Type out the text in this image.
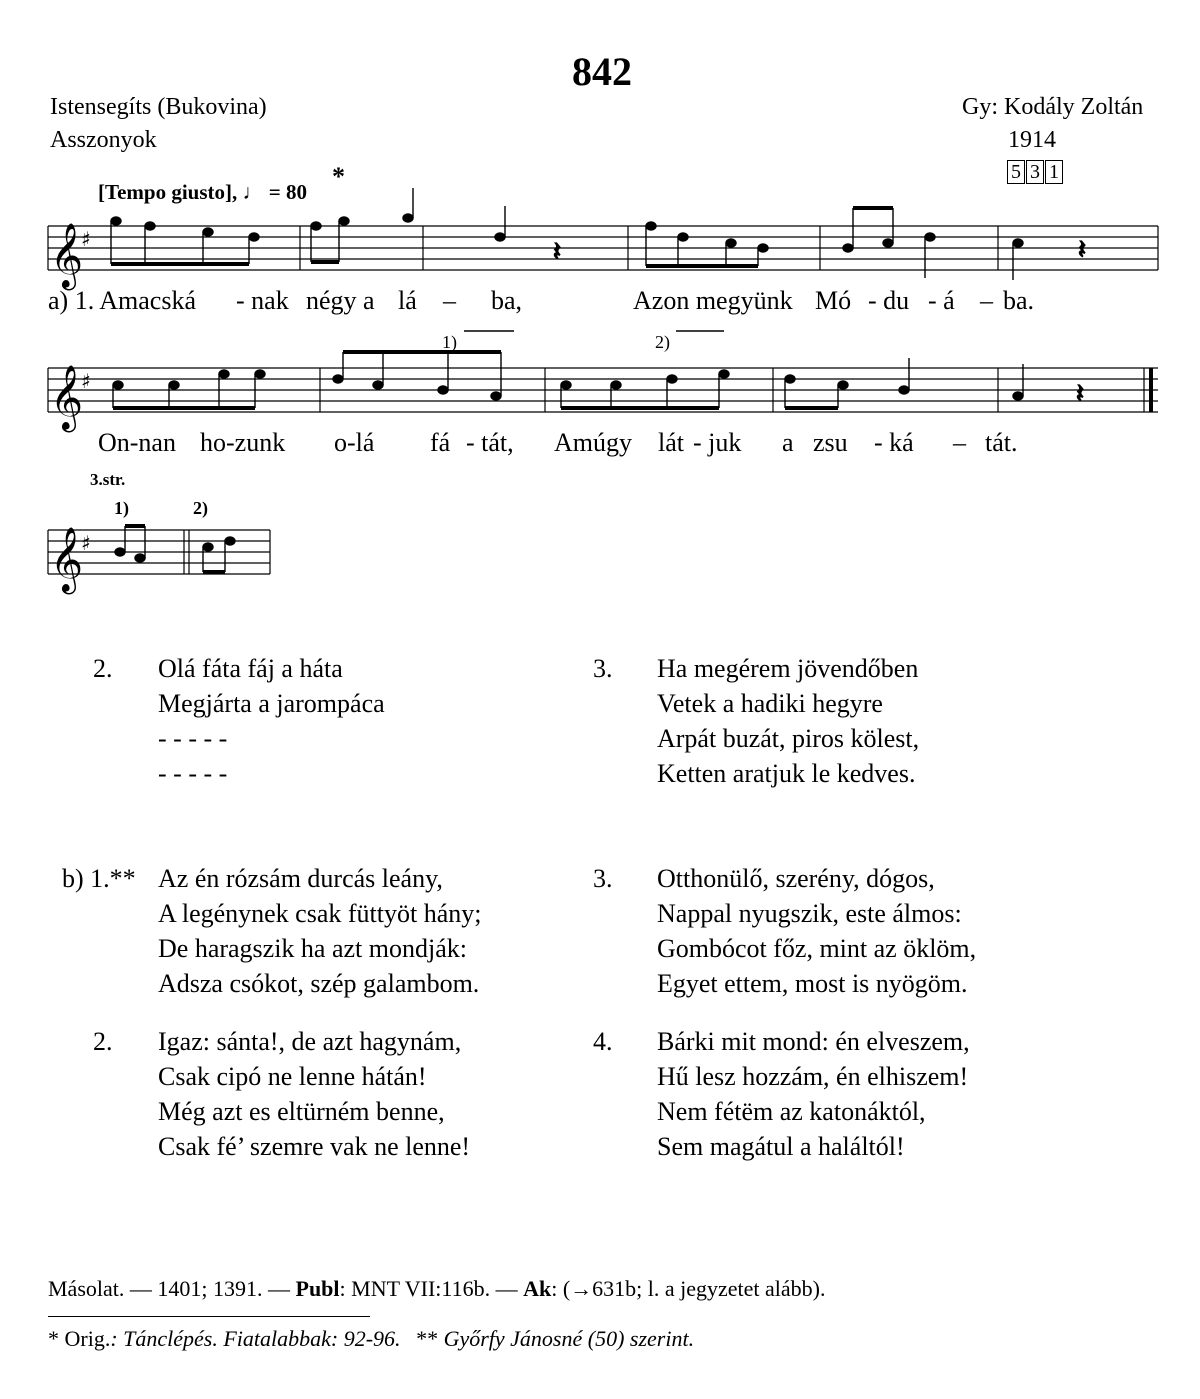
842
Istensegíts (Bukovina)
Asszonyok
Gy: Kodály Zoltán
1914
5 3 1
[Tempo giusto], ♩ = 80
*
𝄞
♯	𝄽	𝄽
a) 1. Amacská - nak négy a lá – ba,	Azon megyünk Mó - du - á – ba.
1)	2)
𝄞
♯	𝄽
On-nan ho-zunk o-lá fá - tát, Amúgy lát - juk a zsu - ká – tát.
3.str.
1)	2)
𝄞
♯
2. Olá fáta fáj a háta
Megjárta a jarompáca
- - - - -
- - - - -
3. Ha megérem jövendőben
Vetek a hadiki hegyre
Arpát buzát, piros kölest,
Ketten aratjuk le kedves.
b) 1.** Az én rózsám durcás leány,
A legénynek csak füttyöt hány;
De haragszik ha azt mondják:
Adsza csókot, szép galambom.
3. Otthonülő, szerény, dógos,
Nappal nyugszik, este álmos:
Gombócot főz, mint az öklöm,
Egyet ettem, most is nyögöm.
2. Igaz: sánta!, de azt hagynám,
Csak cipó ne lenne hátán!
Még azt es eltürném benne,
Csak fé’ szemre vak ne lenne!
4. Bárki mit mond: én elveszem,
Hű lesz hozzám, én elhiszem!
Nem fétëm az katonáktól,
Sem magátul a haláltól!
Másolat. — 1401; 1391. — Publ: MNT VII:116b. — Ak: (→631b; l. a jegyzetet alább).
* Orig.: Tánclépés. Fiatalabbak: 92-96. ** Győrfy Jánosné (50) szerint.
